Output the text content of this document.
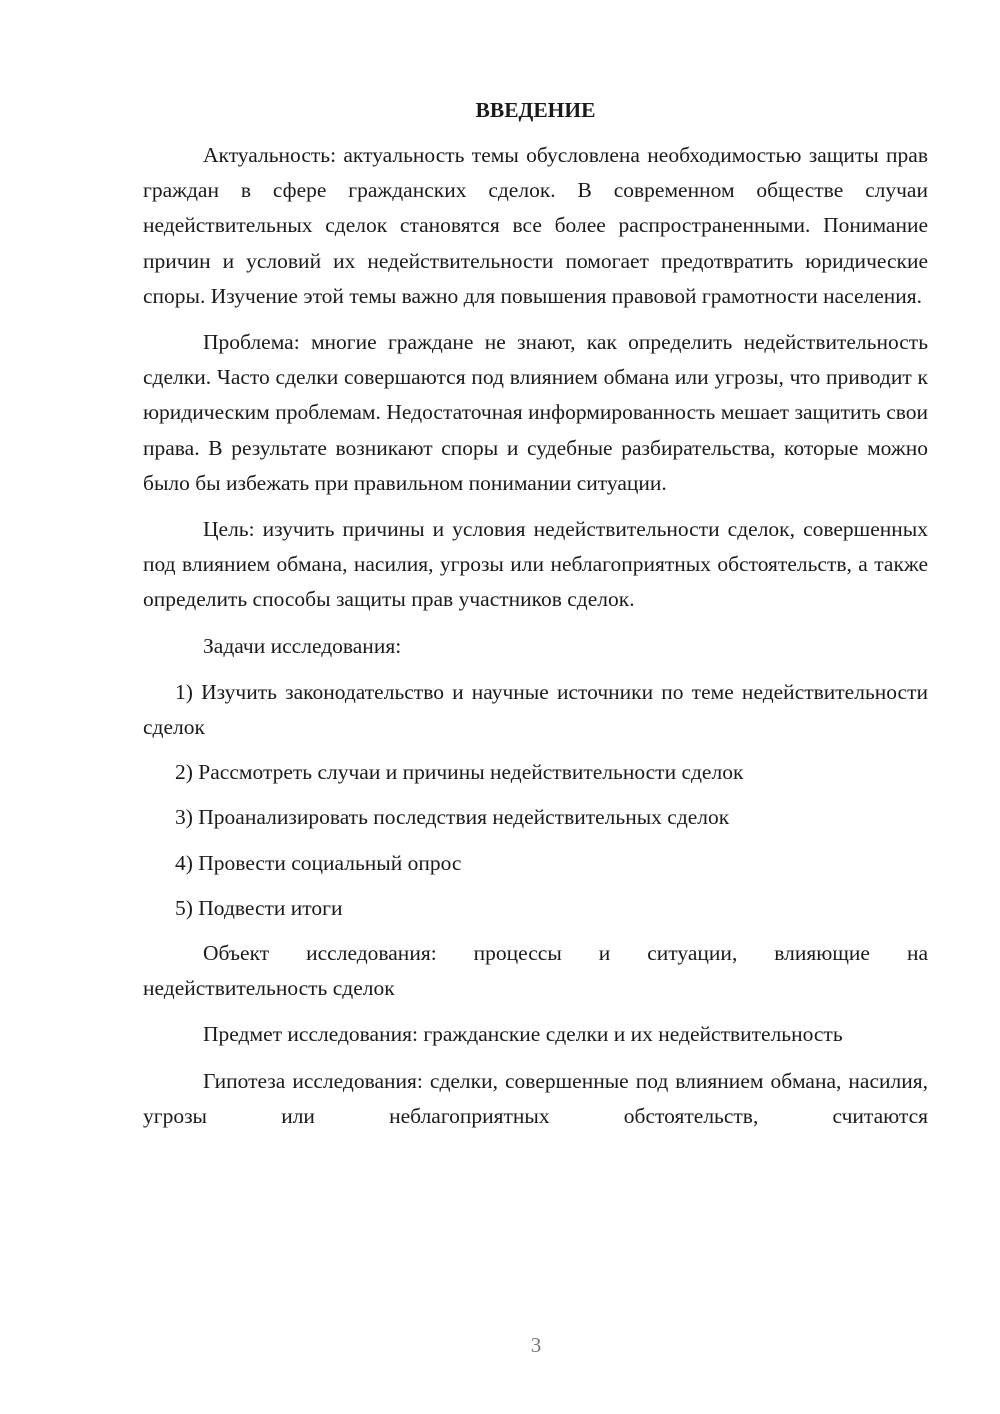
ВВЕДЕНИЕ

Актуальность: актуальность темы обусловлена необходимостью защиты прав граждан в сфере гражданских сделок. В современном обществе случаи недействительных сделок становятся все более распространенными. Понимание причин и условий их недействительности помогает предотвратить юридические споры. Изучение этой темы важно для повышения правовой грамотности населения.

Проблема: многие граждане не знают, как определить недействительность сделки. Часто сделки совершаются под влиянием обмана или угрозы, что приводит к юридическим проблемам. Недостаточная информированность мешает защитить свои права. В результате возникают споры и судебные разбирательства, которые можно было бы избежать при правильном понимании ситуации.

Цель: изучить причины и условия недействительности сделок, совершенных под влиянием обмана, насилия, угрозы или неблагоприятных обстоятельств, а также определить способы защиты прав участников сделок.

Задачи исследования:

1) Изучить законодательство и научные источники по теме недействительности сделок

2) Рассмотреть случаи и причины недействительности сделок

3) Проанализировать последствия недействительных сделок

4) Провести социальный опрос

5) Подвести итоги

Объект исследования: процессы и ситуации, влияющие на недействительность сделок

Предмет исследования: гражданские сделки и их недействительность

Гипотеза исследования: сделки, совершенные под влиянием обмана, насилия, угрозы или неблагоприятных обстоятельств, считаются

3
